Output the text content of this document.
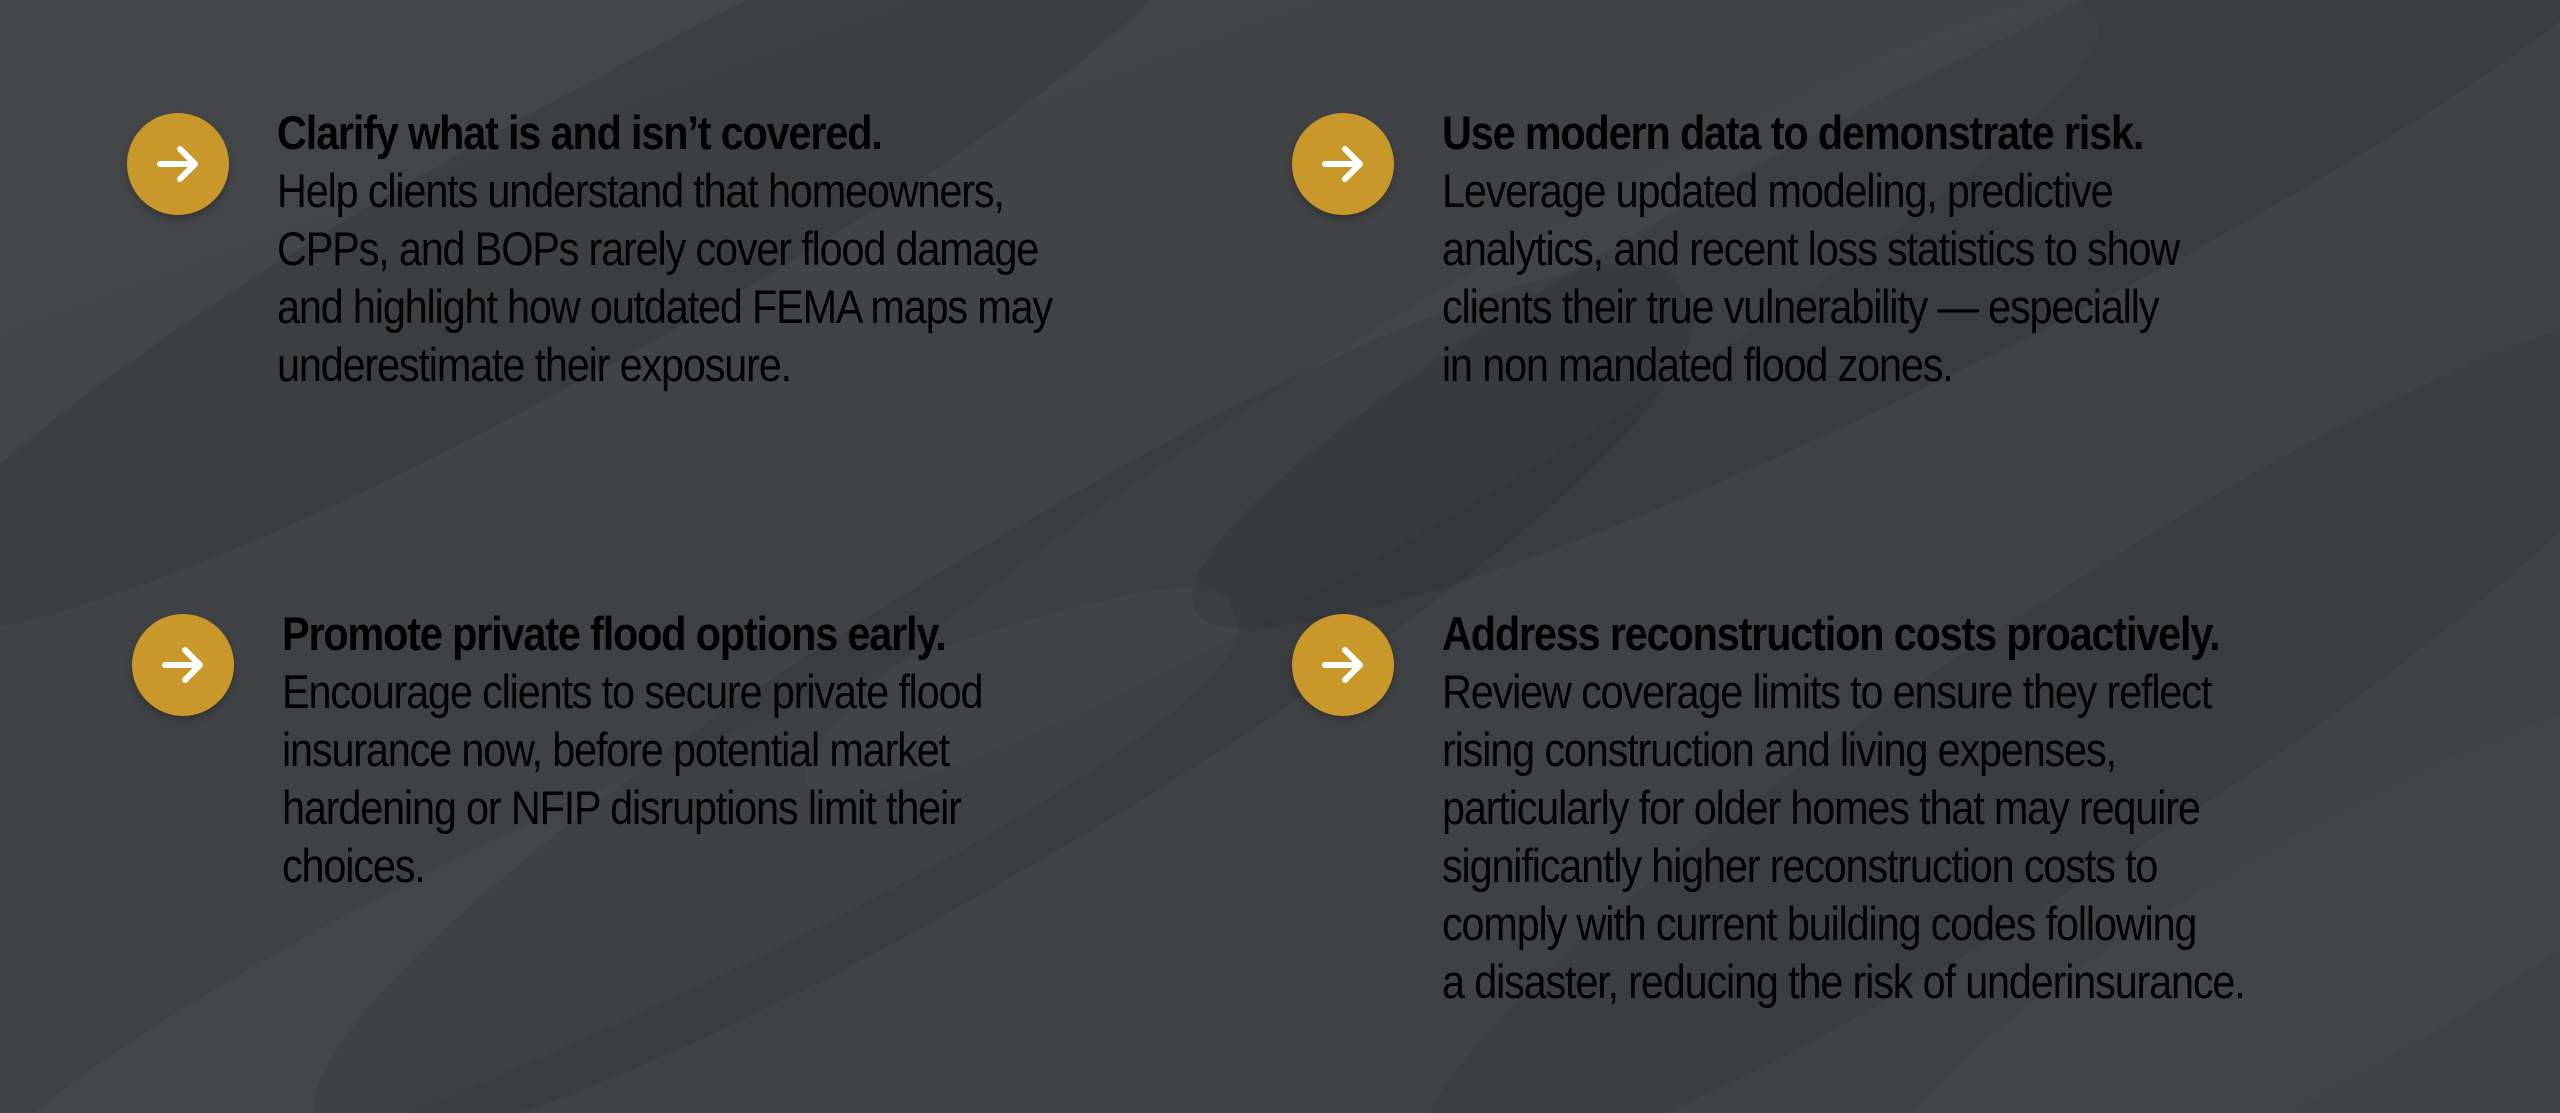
Clarify what is and isn’t covered.
Help clients understand that homeowners,
CPPs, and BOPs rarely cover flood damage
and highlight how outdated FEMA maps may
underestimate their exposure.
Use modern data to demonstrate risk.
Leverage updated modeling, predictive
analytics, and recent loss statistics to show
clients their true vulnerability — especially
in non mandated flood zones.
Promote private flood options early.
Encourage clients to secure private flood
insurance now, before potential market
hardening or NFIP disruptions limit their
choices.
Address reconstruction costs proactively.
Review coverage limits to ensure they reflect
rising construction and living expenses,
particularly for older homes that may require
significantly higher reconstruction costs to
comply with current building codes following
a disaster, reducing the risk of underinsurance.
